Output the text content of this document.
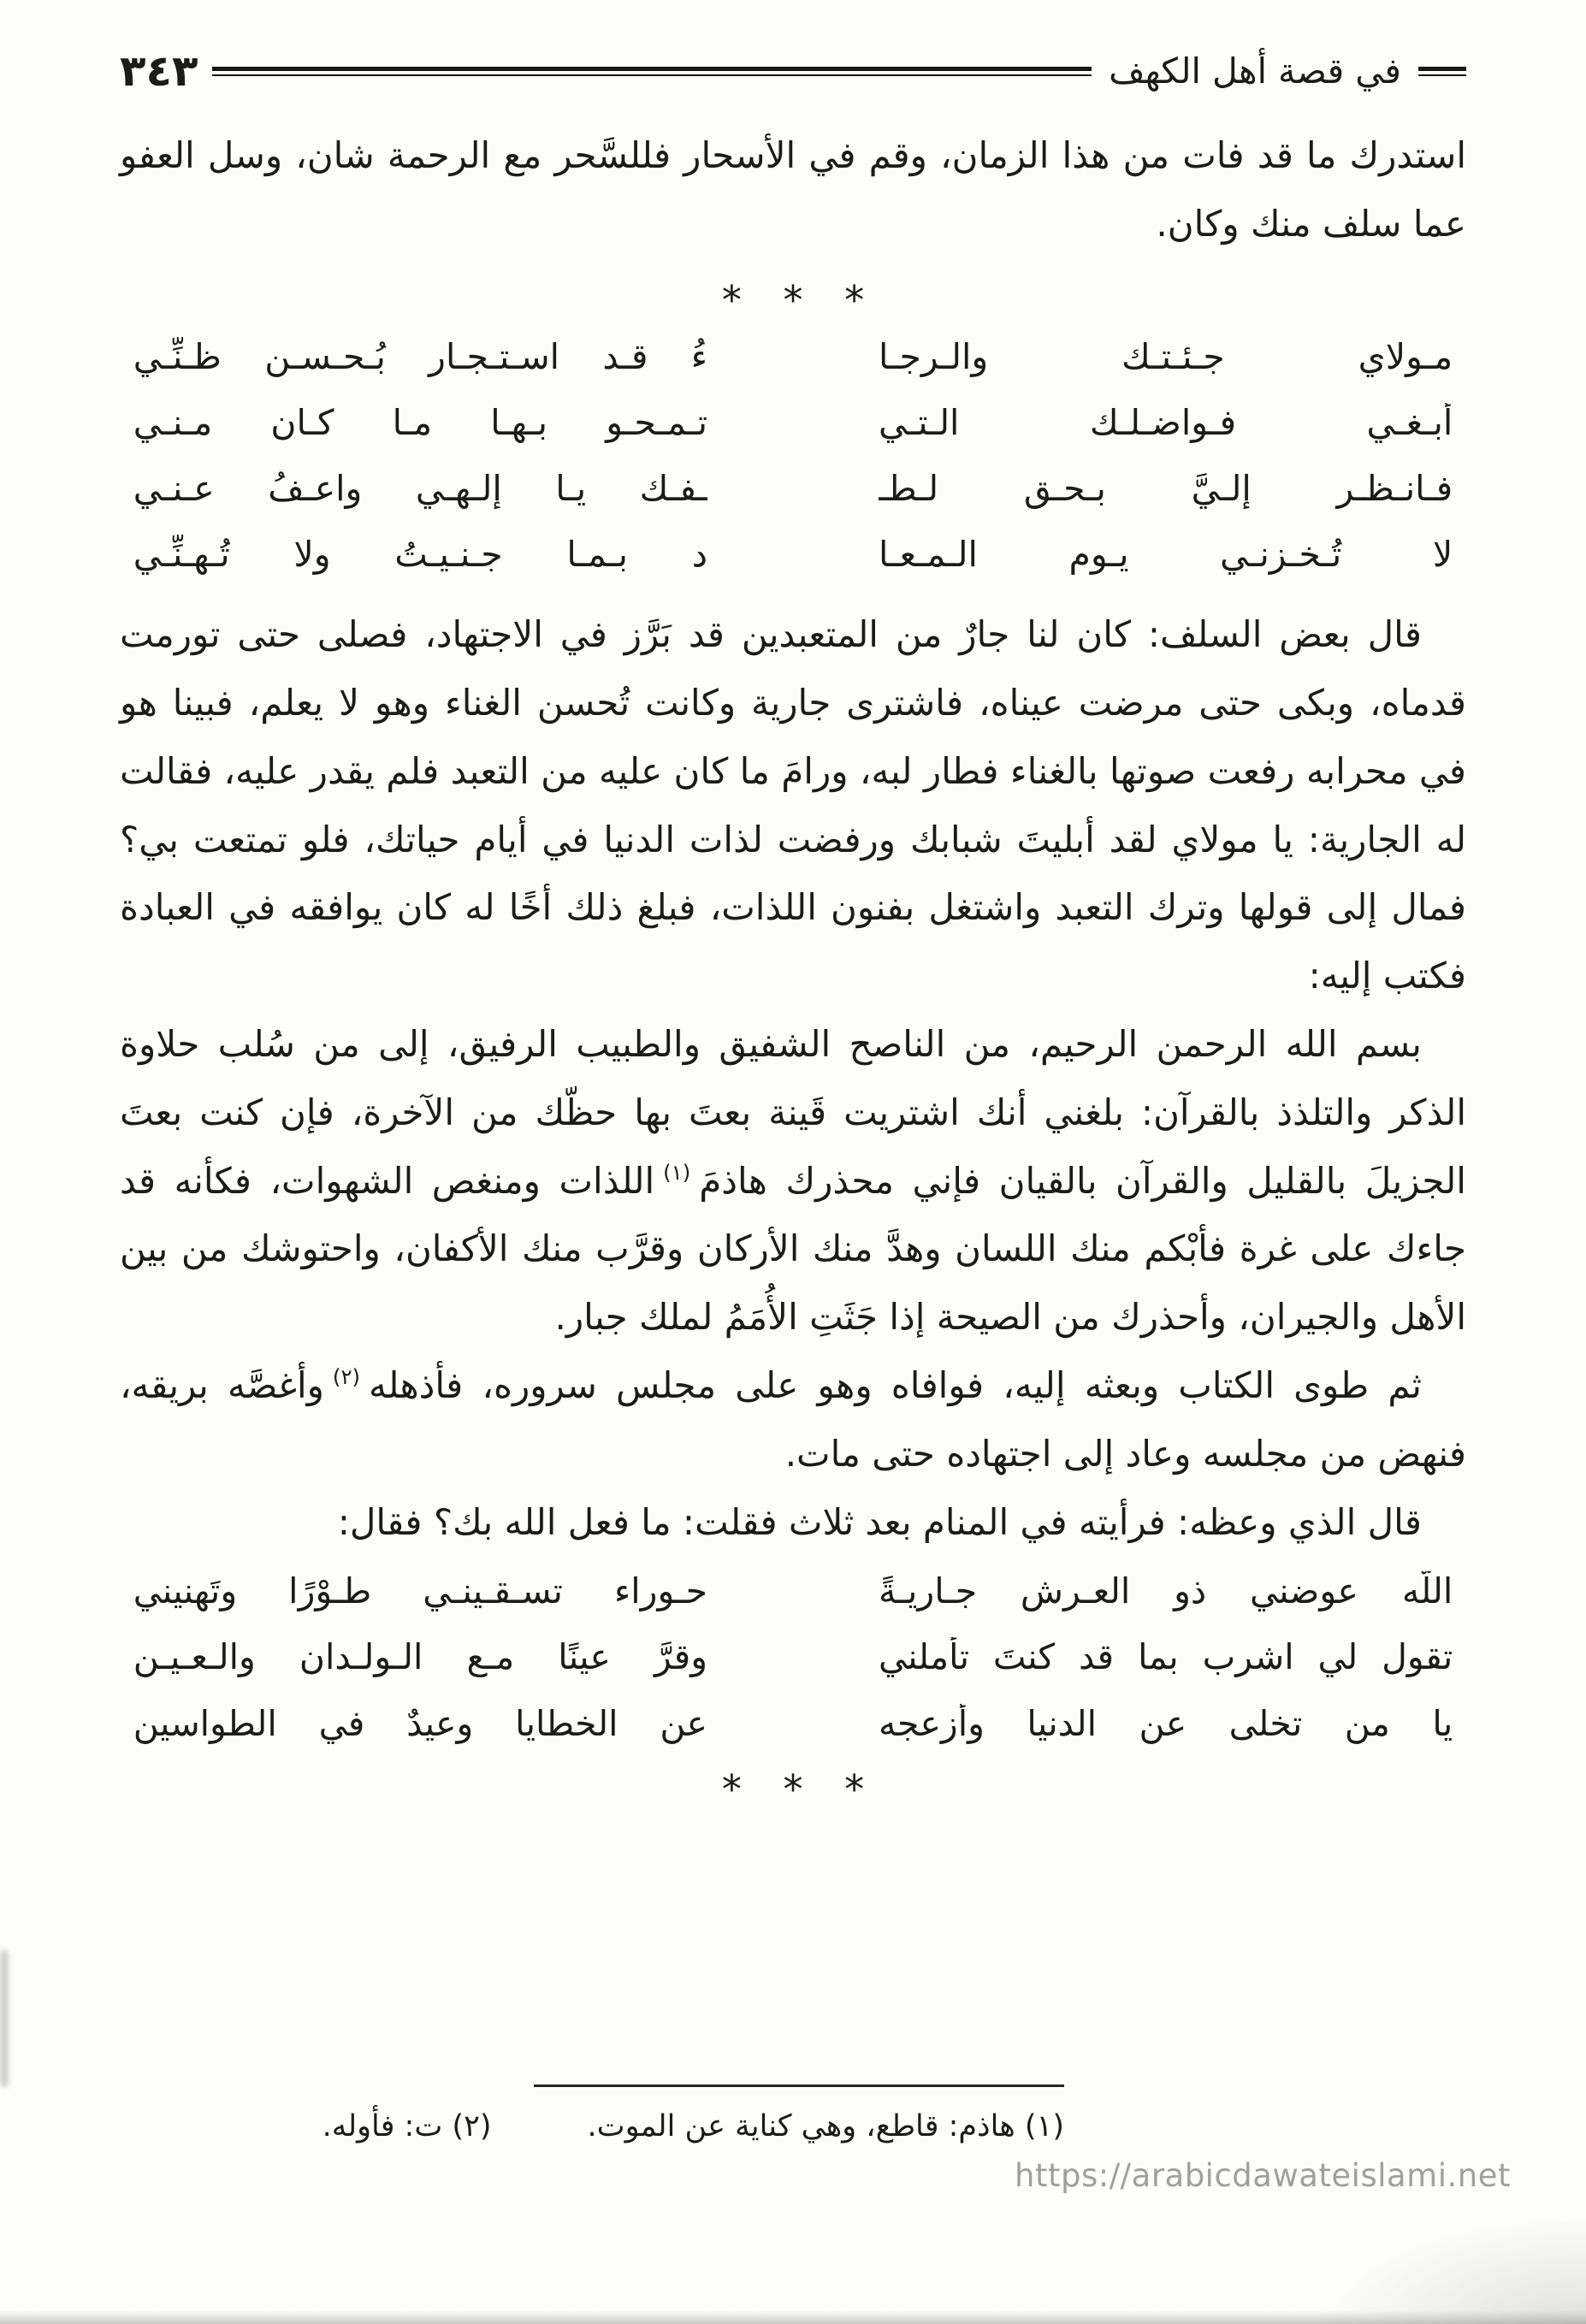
٣٤٣	في قصة أهل الكهف

استدرك ما قد فات من هذا الزمان، وقم في الأسحار فللسَّحر مع الرحمة شان، وسل العفو عما سلف منك وكان.

* * *
مـولاي جـئـتـك والـرجـا
ءُ قـد اسـتـجـار بُـحـسـن ظـنِّـي
أبـغـي فـواضـلـك الـتـي
تـمـحـو بـهـا مـا كـان مـنـي
فـانـظـر إلـيَّ بـحـق لـطـ
ـفـك يـا إلـهـي واعـفُ عـنـي
لا تُـخـزنـي يـوم الـمـعـا
د بـمـا جـنـيـتُ ولا تُـهـنِّـي

قال بعض السلف: كان لنا جارٌ من المتعبدين قد بَرَّز في الاجتهاد، فصلى حتى تورمت قدماه، وبكى حتى مرضت عيناه، فاشترى جارية وكانت تُحسن الغناء وهو لا يعلم، فبينا هو في محرابه رفعت صوتها بالغناء فطار لبه، ورامَ ما كان عليه من التعبد فلم يقدر عليه، فقالت له الجارية: يا مولاي لقد أبليتَ شبابك ورفضت لذات الدنيا في أيام حياتك، فلو تمتعت بي؟ فمال إلى قولها وترك التعبد واشتغل بفنون اللذات، فبلغ ذلك أخًا له كان يوافقه في العبادة فكتب إليه:

بسم الله الرحمن الرحيم، من الناصح الشفيق والطبيب الرفيق، إلى من سُلب حلاوة الذكر والتلذذ بالقرآن: بلغني أنك اشتريت قَينة بعتَ بها حظّك من الآخرة، فإن كنت بعتَ الجزيلَ بالقليل والقرآن بالقيان فإني محذرك هاذمَ$^{(١)}$اللذات ومنغص الشهوات، فكأنه قد جاءك على غرة فأبْكم منك اللسان وهدَّ منك الأركان وقرَّب منك الأكفان، واحتوشك من بين الأهل والجيران، وأحذرك من الصيحة إذا جَثَتِ الأُمَمُ لملك جبار.

ثم طوى الكتاب وبعثه إليه، فوافاه وهو على مجلس سروره، فأذهله$^{(٢)}$وأغصَّه بريقه، فنهض من مجلسه وعاد إلى اجتهاده حتى مات.

قال الذي وعظه: فرأيته في المنام بعد ثلاث فقلت: ما فعل الله بك؟ فقال:

اللَّه عوضني ذو العـرش جـاريـةً
حـوراء تسـقـينـي طـوْرًا وتَهنيني
تقول لي اشرب بما قد كنتَ تأْملني
وقرَّ عينًا مـع الـولـدان والـعـيـن
يا من تخلى عن الدنيا وأزعجه
عن الخطايا وعيدٌ في الطواسين
* * *
(١) هاذم: قاطع، وهي كناية عن الموت.
(٢) ت: فأوله.
https://arabicdawateislami.net
